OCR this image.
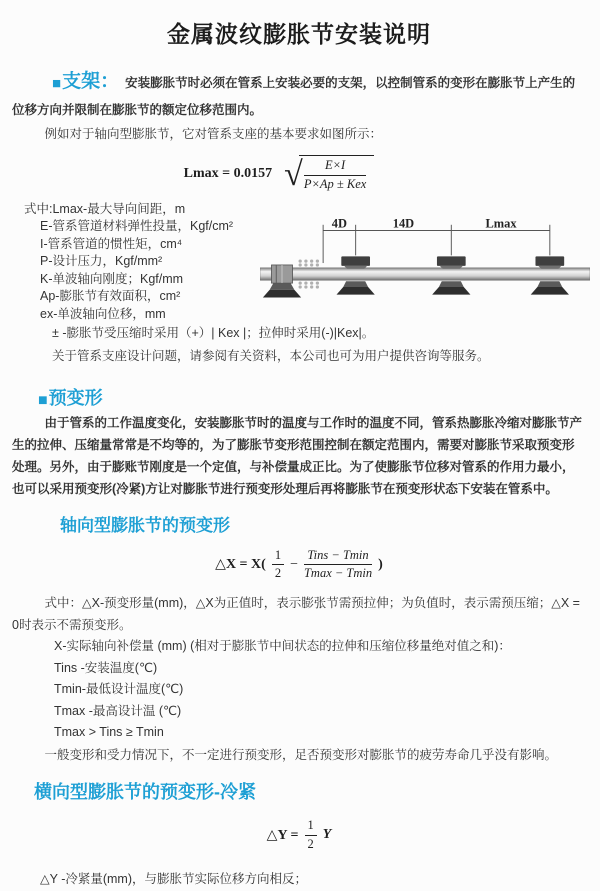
金属波纹膨胀节安装说明

■支架： 安装膨胀节时必须在管系上安装必要的支架，以控制管系的变形在膨胀节上产生的位移方向并限制在膨胀节的额定位移范围内。

例如对于轴向型膨胀节，它对管系支座的基本要求如图所示：

Lmax = 0.0157 √ $\frac{E\times I}{\text{P×Ap ± Kex}}$
式中:Lmax-最大导向间距，m
E-管系管道材料弹性投量，Kgf/cm²
I-管系管道的惯性矩，cm⁴
P-设计压力，Kgf/mm²
K-单波轴向刚度；Kgf/mm
Ap-膨胀节有效面积，cm²
ex-单波轴向位移，mm
4D	14D	Lmax

± -膨胀节受压缩时采用（+）| Kex |；拉伸时采用(-)|Kex|。

关于管系支座设计问题，请参阅有关资料，本公司也可为用户提供咨询等服务。

■预变形

由于管系的工作温度变化，安装膨胀节时的温度与工作时的温度不同，管系热膨胀冷缩对膨胀节产生的拉伸、压缩量常常是不均等的，为了膨胀节变形范围控制在额定范围内，需要对膨胀节采取预变形处理。另外，由于膨账节刚度是一个定值，与补偿量成正比。为了使膨胀节位移对管系的作用力最小，也可以采用预变形(冷紧)方让对膨胀节进行预变形处理后再将膨胀节在预变形状态下安装在管系中。

轴向型膨胀节的预变形
△X = $X( \frac{1}{2} - \frac{\text{Tins − Tmin}}{Tmax - Tmin}$ )

式中：△X-预变形量(mm)，△X为正值时，表示膨张节需预拉伸；为负值时，表示需预压缩；△X = 0时表示不需预变形。

X-实际轴向补偿量 (mm) (相对于膨胀节中间状态的拉伸和压缩位移量绝对值之和)：
Tins -安装温度(℃)
Tmin-最低设计温度(℃)
Tmax -最高设计温 (℃)
Tmax > Tins ≥ Tmin

一般变形和受力情况下，不一定进行预变形，足否预变形对膨胀节的疲劳寿命几乎没有影响。

横向型膨胀节的预变形-冷紧
△Y = $\frac{1}{2}$ Y

△Y -冷紧量(mm)，与膨胀节实际位移方向相反；
